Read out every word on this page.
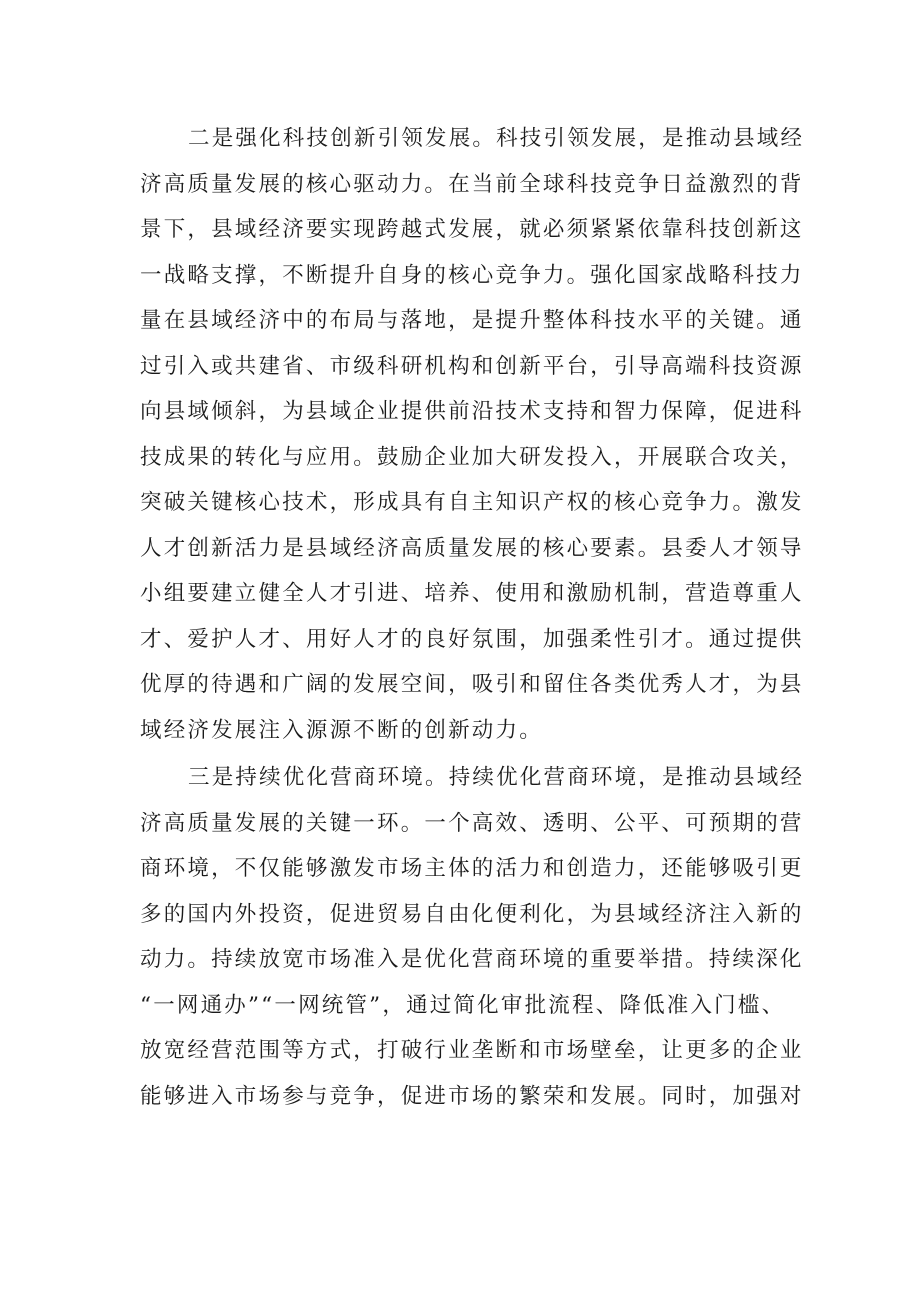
二是强化科技创新引领发展。科技引领发展，是推动县域经
济高质量发展的核心驱动力。在当前全球科技竞争日益激烈的背
景下，县域经济要实现跨越式发展，就必须紧紧依靠科技创新这
一战略支撑，不断提升自身的核心竞争力。强化国家战略科技力
量在县域经济中的布局与落地，是提升整体科技水平的关键。通
过引入或共建省、市级科研机构和创新平台，引导高端科技资源
向县域倾斜，为县域企业提供前沿技术支持和智力保障，促进科
技成果的转化与应用。鼓励企业加大研发投入，开展联合攻关，
突破关键核心技术，形成具有自主知识产权的核心竞争力。激发
人才创新活力是县域经济高质量发展的核心要素。县委人才领导
小组要建立健全人才引进、培养、使用和激励机制，营造尊重人
才、爱护人才、用好人才的良好氛围，加强柔性引才。通过提供
优厚的待遇和广阔的发展空间，吸引和留住各类优秀人才，为县
域经济发展注入源源不断的创新动力。
三是持续优化营商环境。持续优化营商环境，是推动县域经
济高质量发展的关键一环。一个高效、透明、公平、可预期的营
商环境，不仅能够激发市场主体的活力和创造力，还能够吸引更
多的国内外投资，促进贸易自由化便利化，为县域经济注入新的
动力。持续放宽市场准入是优化营商环境的重要举措。持续深化
“一网通办”“一网统管”，通过简化审批流程、降低准入门槛、
放宽经营范围等方式，打破行业垄断和市场壁垒，让更多的企业
能够进入市场参与竞争，促进市场的繁荣和发展。同时，加强对
